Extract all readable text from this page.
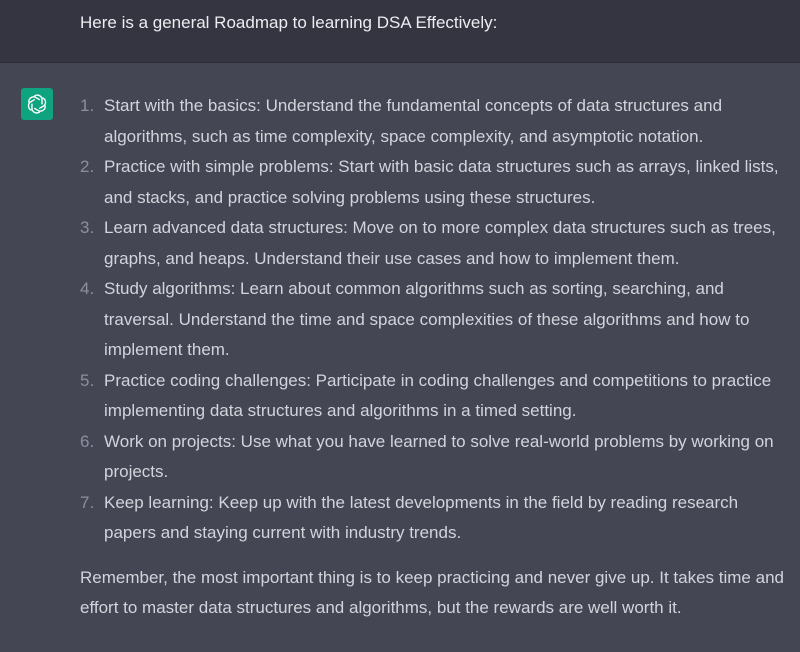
Here is a general Roadmap to learning DSA Effectively:
1. Start with the basics: Understand the fundamental concepts of data structures and algorithms, such as time complexity, space complexity, and asymptotic notation.
2. Practice with simple problems: Start with basic data structures such as arrays, linked lists, and stacks, and practice solving problems using these structures.
3. Learn advanced data structures: Move on to more complex data structures such as trees, graphs, and heaps. Understand their use cases and how to implement them.
4. Study algorithms: Learn about common algorithms such as sorting, searching, and traversal. Understand the time and space complexities of these algorithms and how to implement them.
5. Practice coding challenges: Participate in coding challenges and competitions to practice implementing data structures and algorithms in a timed setting.
6. Work on projects: Use what you have learned to solve real-world problems by working on projects.
7. Keep learning: Keep up with the latest developments in the field by reading research papers and staying current with industry trends.

Remember, the most important thing is to keep practicing and never give up. It takes time and effort to master data structures and algorithms, but the rewards are well worth it.
